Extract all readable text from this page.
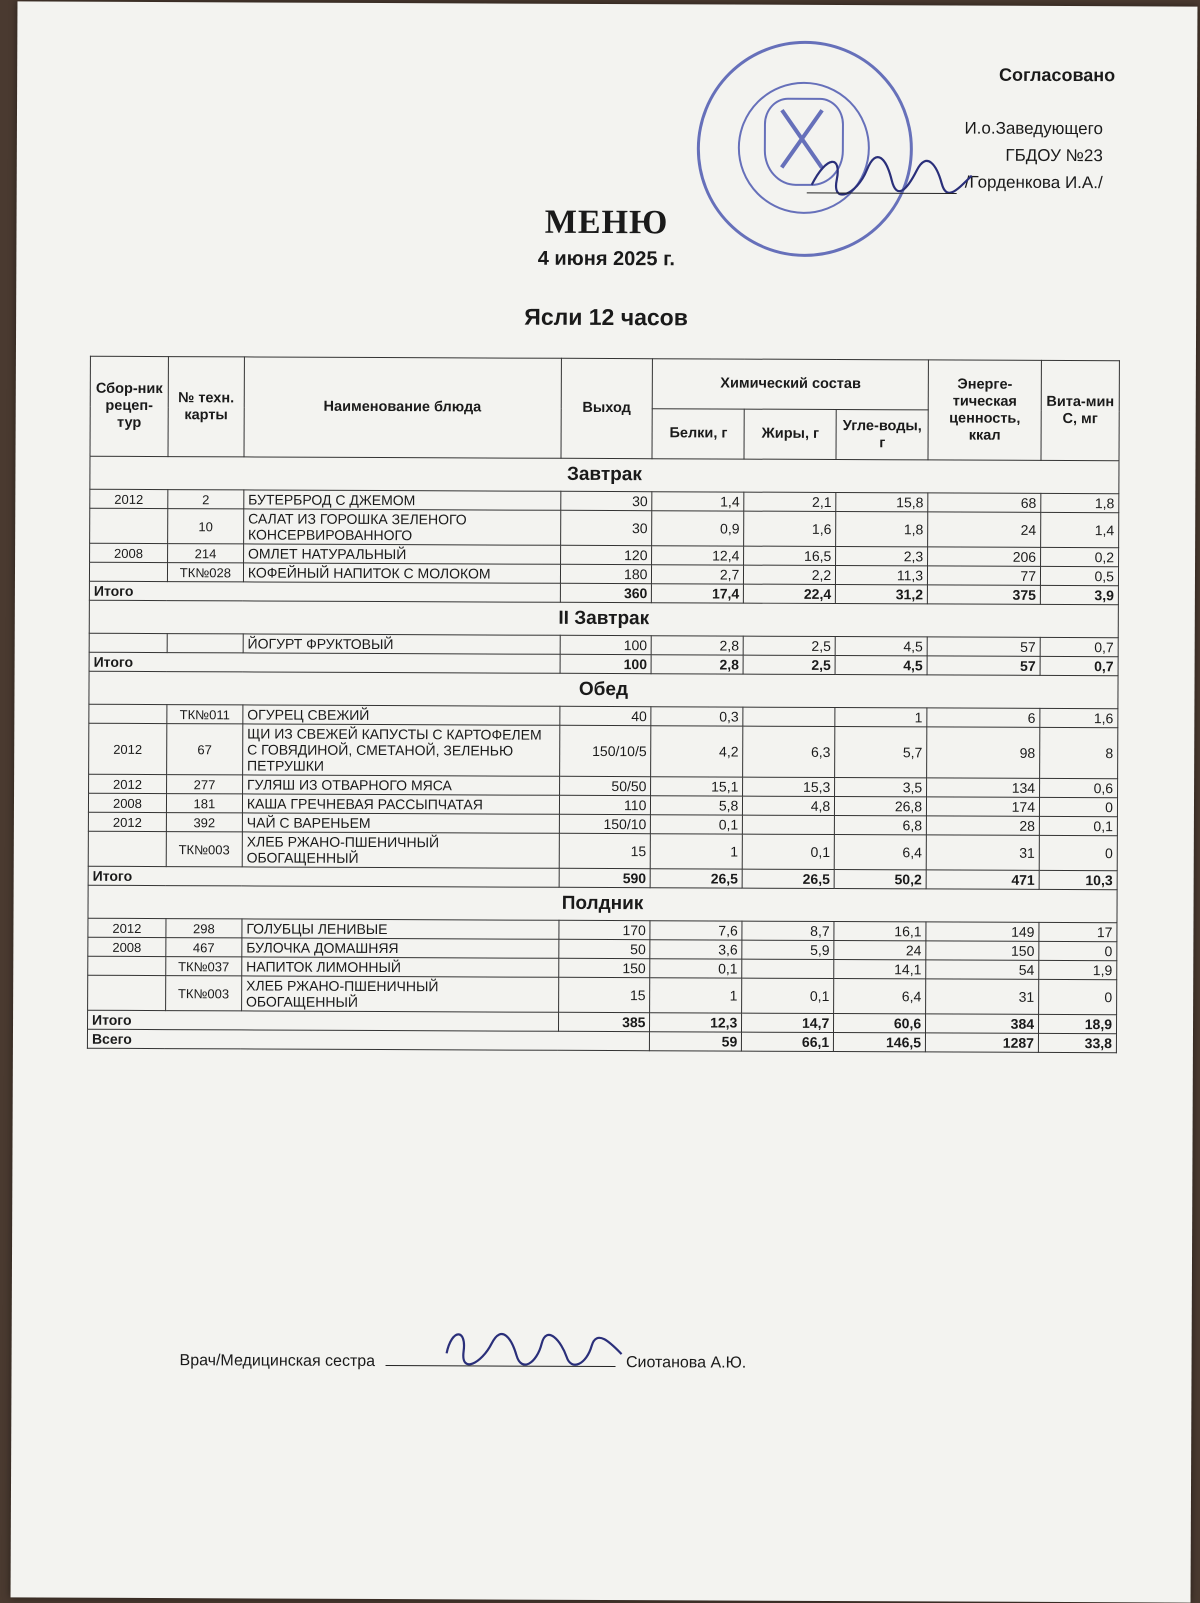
Согласовано
И.о.Заведующего
ГБДОУ №23
/Горденкова И.А./
МЕНЮ
4 июня 2025 г.
Ясли 12 часов
Сбор-ник рецеп-тур	№ техн. карты	Наименование блюда	Выход	Химический состав			Энерге-тическая ценность, ккал	Вита-мин С, мг
				Белки, г	Жиры, г	Угле-воды, г		
Завтрак								
2012	2	БУТЕРБРОД С ДЖЕМОМ	30	1,4	2,1	15,8	68	1,8
	10	САЛАТ ИЗ ГОРОШКА ЗЕЛЕНОГО КОНСЕРВИРОВАННОГО	30	0,9	1,6	1,8	24	1,4
2008	214	ОМЛЕТ НАТУРАЛЬНЫЙ	120	12,4	16,5	2,3	206	0,2
	ТК№028	КОФЕЙНЫЙ НАПИТОК С МОЛОКОМ	180	2,7	2,2	11,3	77	0,5
Итого			360	17,4	22,4	31,2	375	3,9
II Завтрак								
		ЙОГУРТ ФРУКТОВЫЙ	100	2,8	2,5	4,5	57	0,7
Итого			100	2,8	2,5	4,5	57	0,7
Обед								
	ТК№011	ОГУРЕЦ СВЕЖИЙ	40	0,3		1	6	1,6
2012	67	ЩИ ИЗ СВЕЖЕЙ КАПУСТЫ С КАРТОФЕЛЕМ С ГОВЯДИНОЙ, СМЕТАНОЙ, ЗЕЛЕНЬЮ ПЕТРУШКИ	150/10/5	4,2	6,3	5,7	98	8
2012	277	ГУЛЯШ ИЗ ОТВАРНОГО МЯСА	50/50	15,1	15,3	3,5	134	0,6
2008	181	КАША ГРЕЧНЕВАЯ РАССЫПЧАТАЯ	110	5,8	4,8	26,8	174	0
2012	392	ЧАЙ С ВАРЕНЬЕМ	150/10	0,1		6,8	28	0,1
	ТК№003	ХЛЕБ РЖАНО-ПШЕНИЧНЫЙ ОБОГАЩЕННЫЙ	15	1	0,1	6,4	31	0
Итого			590	26,5	26,5	50,2	471	10,3
Полдник								
2012	298	ГОЛУБЦЫ ЛЕНИВЫЕ	170	7,6	8,7	16,1	149	17
2008	467	БУЛОЧКА ДОМАШНЯЯ	50	3,6	5,9	24	150	0
	ТК№037	НАПИТОК ЛИМОННЫЙ	150	0,1		14,1	54	1,9
	ТК№003	ХЛЕБ РЖАНО-ПШЕНИЧНЫЙ ОБОГАЩЕННЫЙ	15	1	0,1	6,4	31	0
Итого			385	12,3	14,7	60,6	384	18,9
Всего				59	66,1	146,5	1287	33,8
Врач/Медицинская сестра	Сиотанова А.Ю.
